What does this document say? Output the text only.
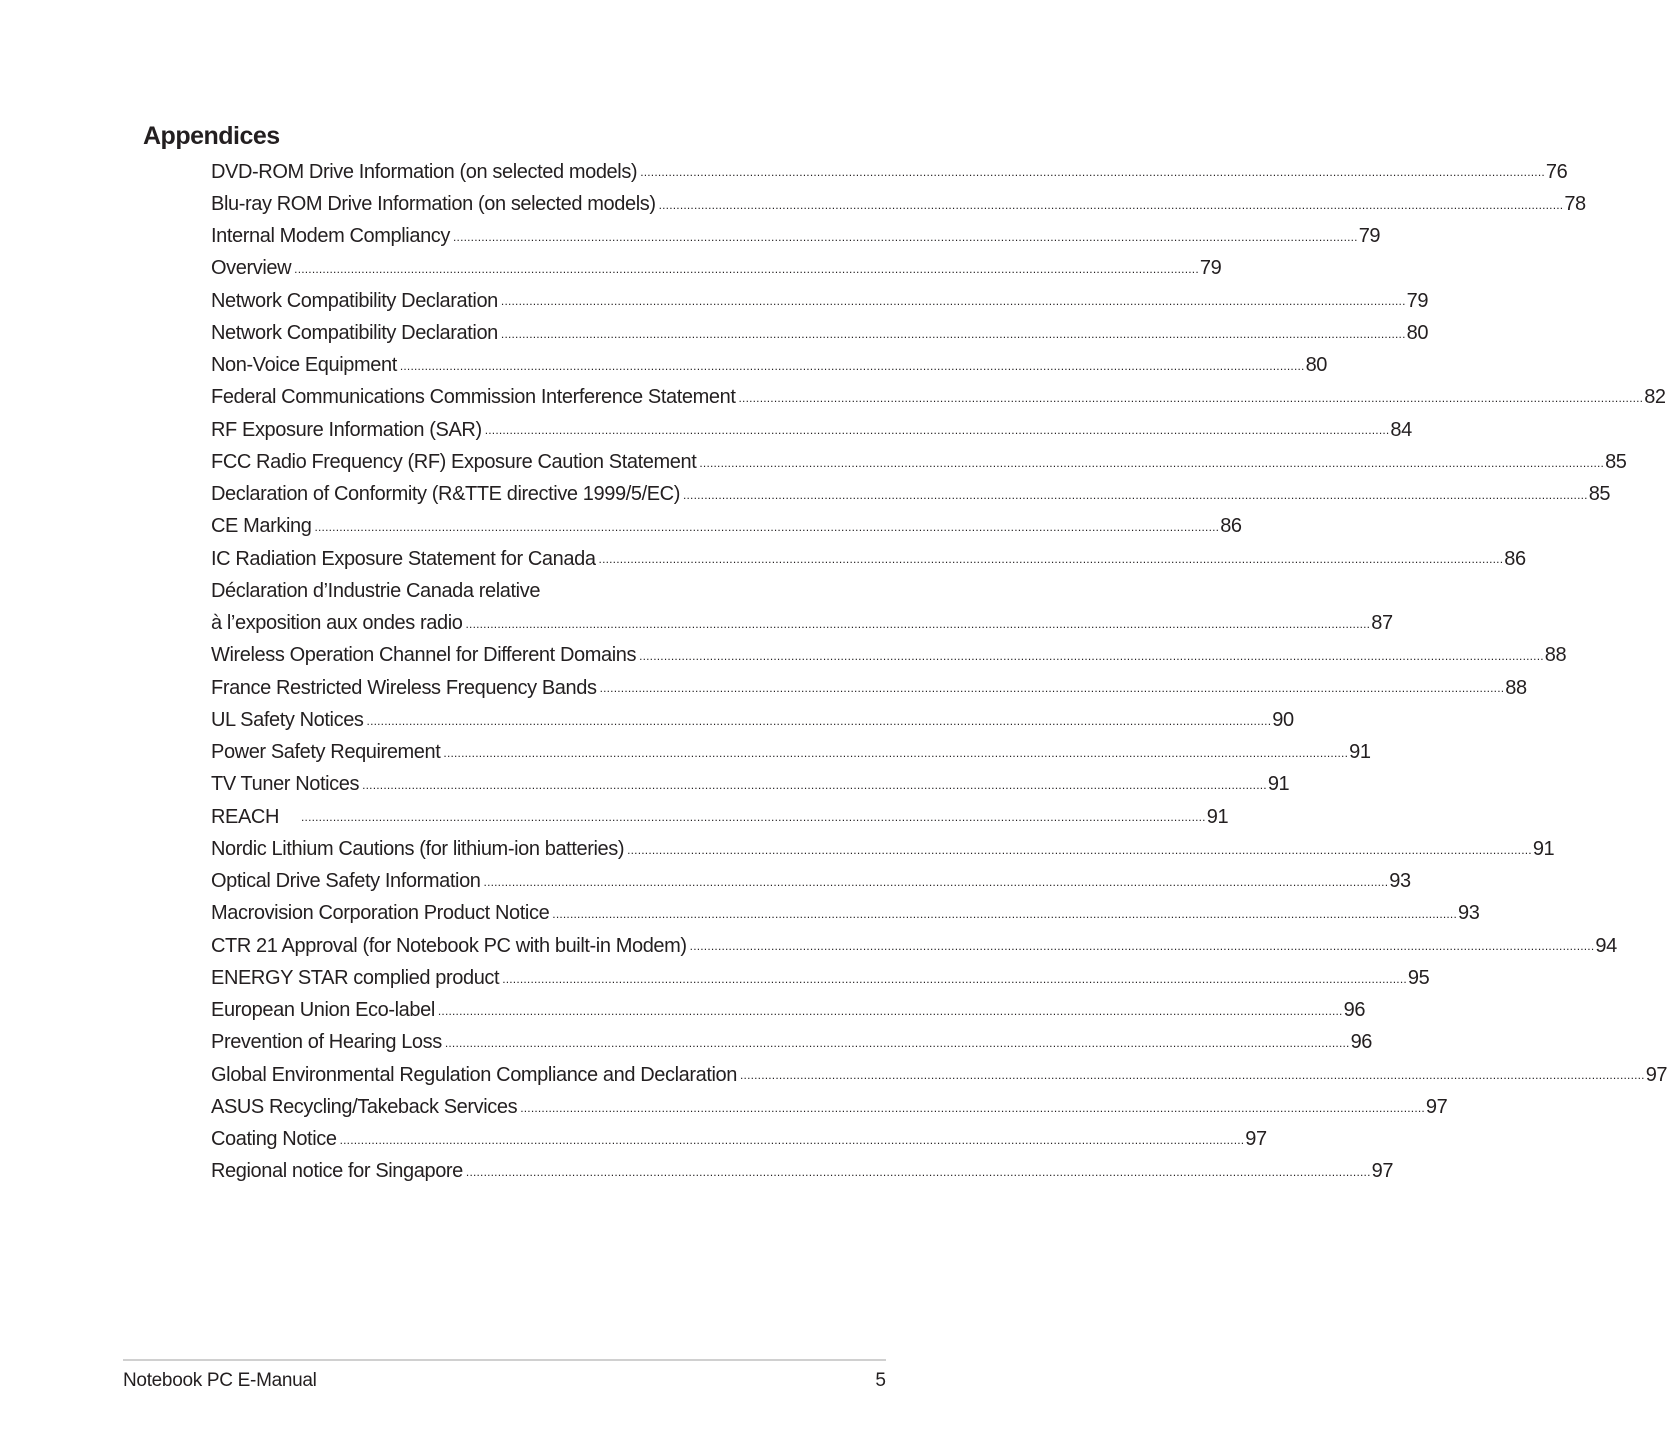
Appendices
DVD-ROM Drive Information (on selected models) ................................................................................................................................................................................................................................................................ 76
Blu-ray ROM Drive Information (on selected models) ................................................................................................................................................................................................................................................................ 78
Internal Modem Compliancy ................................................................................................................................................................................................................................................................ 79
Overview ................................................................................................................................................................................................................................................................ 79
Network Compatibility Declaration ................................................................................................................................................................................................................................................................ 79
Network Compatibility Declaration ................................................................................................................................................................................................................................................................ 80
Non-Voice Equipment ................................................................................................................................................................................................................................................................ 80
Federal Communications Commission Interference Statement ................................................................................................................................................................................................................................................................ 82
RF Exposure Information (SAR) ................................................................................................................................................................................................................................................................ 84
FCC Radio Frequency (RF) Exposure Caution Statement ................................................................................................................................................................................................................................................................ 85
Declaration of Conformity (R&TTE directive 1999/5/EC) ................................................................................................................................................................................................................................................................ 85
CE Marking ................................................................................................................................................................................................................................................................ 86
IC Radiation Exposure Statement for Canada ................................................................................................................................................................................................................................................................ 86
Déclaration d’Industrie Canada relative
à l’exposition aux ondes radio ................................................................................................................................................................................................................................................................ 87
Wireless Operation Channel for Different Domains ................................................................................................................................................................................................................................................................ 88
France Restricted Wireless Frequency Bands ................................................................................................................................................................................................................................................................ 88
UL Safety Notices ................................................................................................................................................................................................................................................................ 90
Power Safety Requirement ................................................................................................................................................................................................................................................................ 91
TV Tuner Notices ................................................................................................................................................................................................................................................................ 91
REACH ................................................................................................................................................................................................................................................................ 91
Nordic Lithium Cautions (for lithium-ion batteries) ................................................................................................................................................................................................................................................................ 91
Optical Drive Safety Information ................................................................................................................................................................................................................................................................ 93
Macrovision Corporation Product Notice ................................................................................................................................................................................................................................................................ 93
CTR 21 Approval (for Notebook PC with built-in Modem) ................................................................................................................................................................................................................................................................ 94
ENERGY STAR complied product ................................................................................................................................................................................................................................................................ 95
European Union Eco-label ................................................................................................................................................................................................................................................................ 96
Prevention of Hearing Loss ................................................................................................................................................................................................................................................................ 96
Global Environmental Regulation Compliance and Declaration ................................................................................................................................................................................................................................................................ 97
ASUS Recycling/Takeback Services ................................................................................................................................................................................................................................................................ 97
Coating Notice ................................................................................................................................................................................................................................................................ 97
Regional notice for Singapore ................................................................................................................................................................................................................................................................ 97
Notebook PC E-Manual	5
